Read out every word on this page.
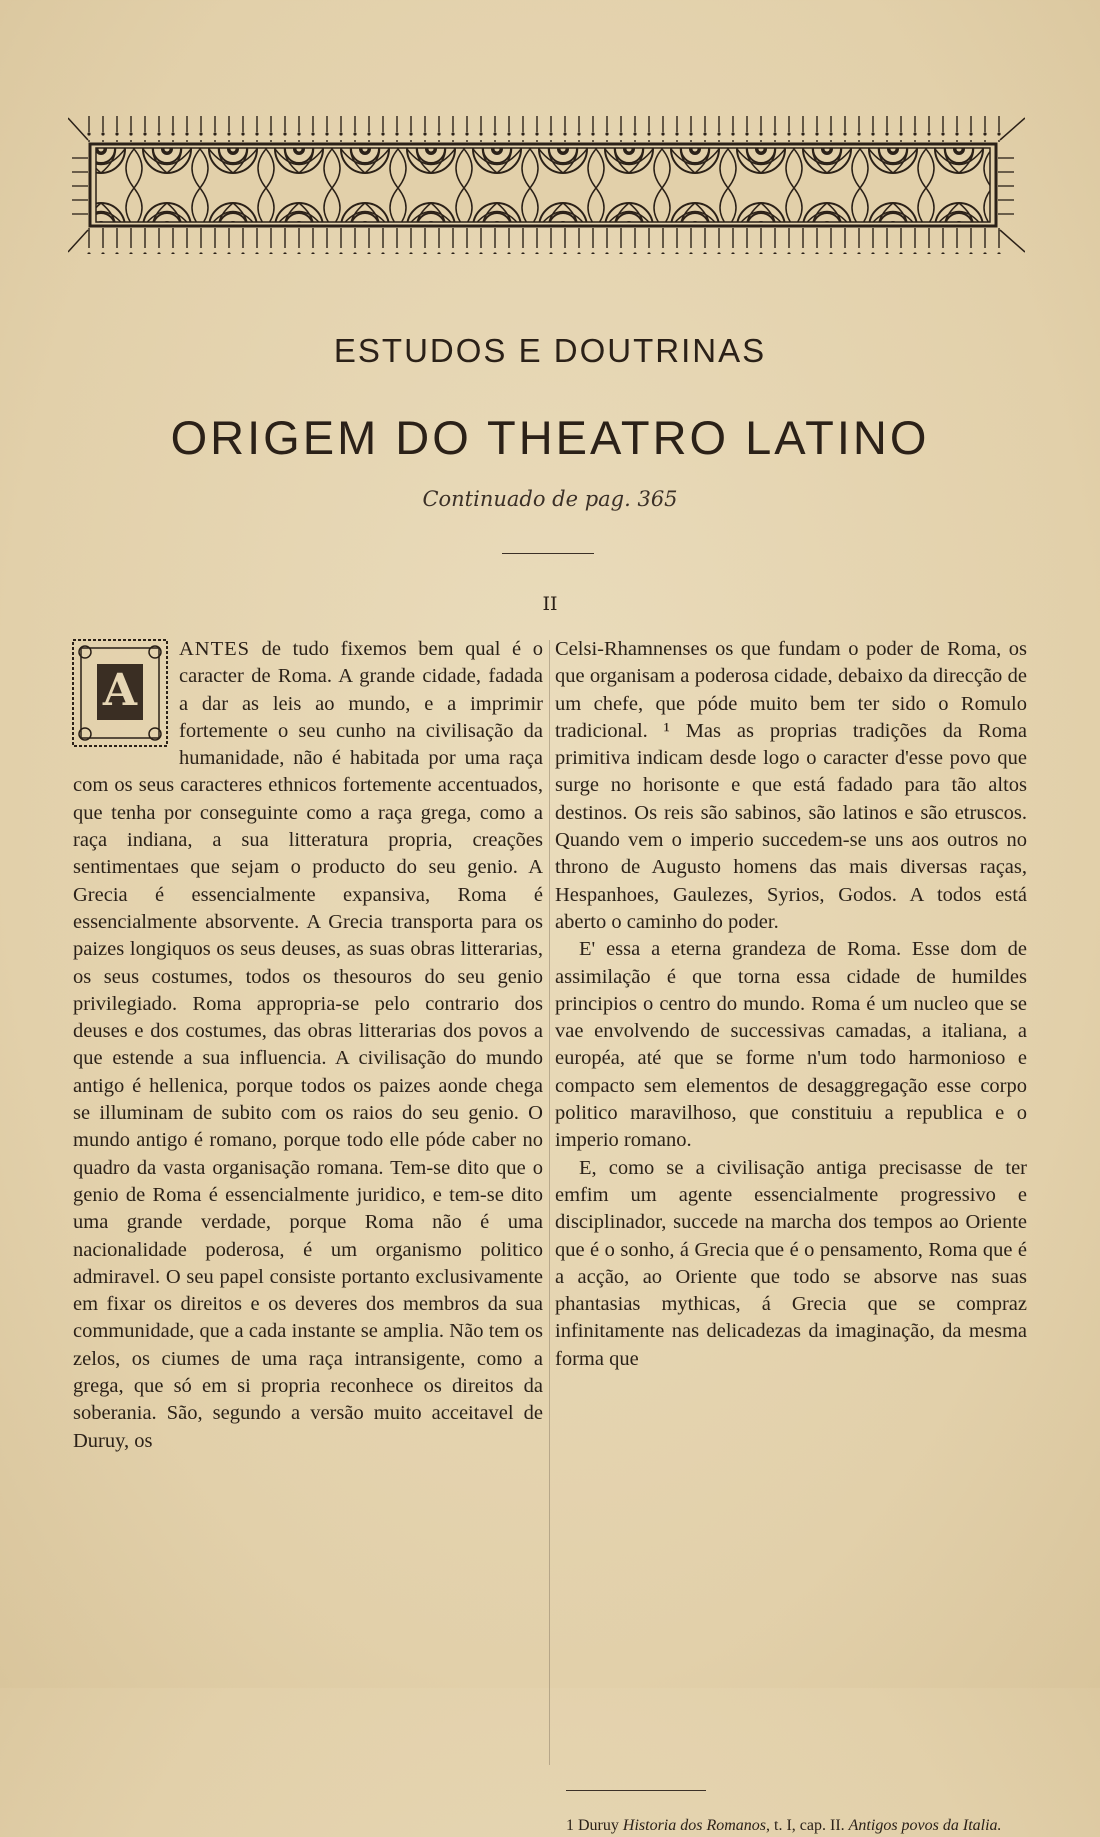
ESTUDOS E DOUTRINAS
ORIGEM DO THEATRO LATINO
Continuado de pag. 365
II
A

ANTES de tudo fixemos bem qual é o caracter de Roma. A grande cidade, fadada a dar as leis ao mundo, e a imprimir fortemente o seu cunho na civilisação da humanidade, não é habitada por uma raça com os seus caracteres ethnicos fortemente accentuados, que tenha por conseguinte como a raça grega, como a raça indiana, a sua litteratura propria, creações sentimentaes que sejam o producto do seu genio. A Grecia é essencialmente expansiva, Roma é essencialmente absorvente. A Grecia transporta para os paizes longiquos os seus deuses, as suas obras litterarias, os seus costumes, todos os thesouros do seu genio privilegiado. Roma appropria-se pelo contrario dos deuses e dos costumes, das obras litterarias dos povos a que estende a sua influencia. A civilisação do mundo antigo é hellenica, porque todos os paizes aonde chega se illuminam de subito com os raios do seu genio. O mundo antigo é romano, porque todo elle póde caber no quadro da vasta organisação romana. Tem-se dito que o genio de Roma é essencialmente juridico, e tem-se dito uma grande verdade, porque Roma não é uma nacionalidade poderosa, é um organismo politico admiravel. O seu papel consiste portanto exclusivamente em fixar os direitos e os deveres dos membros da sua communidade, que a cada instante se amplia. Não tem os zelos, os ciumes de uma raça intransigente, como a grega, que só em si propria reconhece os direitos da soberania. São, segundo a versão muito acceitavel de Duruy, os

Celsi-Rhamnenses os que fundam o poder de Roma, os que organisam a poderosa cidade, debaixo da direcção de um chefe, que póde muito bem ter sido o Romulo tradicional. ¹ Mas as proprias tradições da Roma primitiva indicam desde logo o caracter d'esse povo que surge no horisonte e que está fadado para tão altos destinos. Os reis são sabinos, são latinos e são etruscos. Quando vem o imperio succedem-se uns aos outros no throno de Augusto homens das mais diversas raças, Hespanhoes, Gaulezes, Syrios, Godos. A todos está aberto o caminho do poder.

E' essa a eterna grandeza de Roma. Esse dom de assimilação é que torna essa cidade de humildes principios o centro do mundo. Roma é um nucleo que se vae envolvendo de successivas camadas, a italiana, a européa, até que se forme n'um todo harmonioso e compacto sem elementos de desaggregação esse corpo politico maravilhoso, que constituiu a republica e o imperio romano.

E, como se a civilisação antiga precisasse de ter emfim um agente essencialmente progressivo e disciplinador, succede na marcha dos tempos ao Oriente que é o sonho, á Grecia que é o pensamento, Roma que é a acção, ao Oriente que todo se absorve nas suas phantasias mythicas, á Grecia que se compraz infinitamente nas delicadezas da imaginação, da mesma forma que

1 Duruy Historia dos Romanos, t. I, cap. II. Antigos povos da Italia.
